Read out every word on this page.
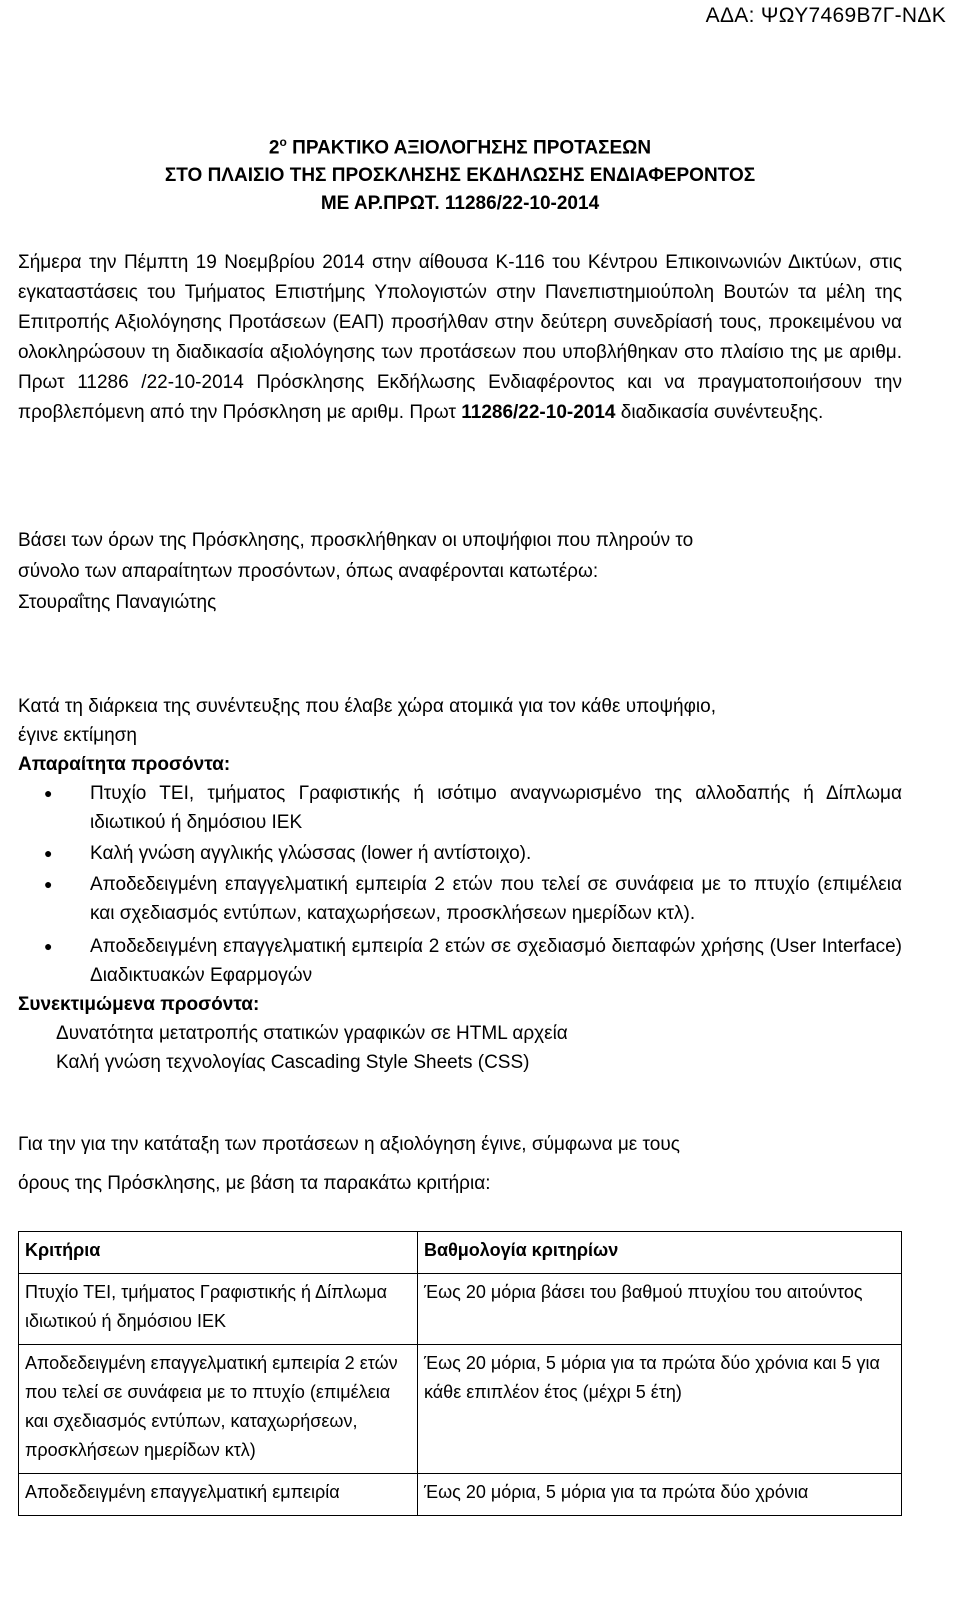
ΑΔΑ: ΨΩΥ7469Β7Γ-ΝΔΚ
$2^o$ ΠΡΑΚΤΙΚΟ ΑΞΙΟΛΟΓΗΣΗΣ ΠΡΟΤΑΣΕΩΝ
ΣΤΟ ΠΛΑΙΣΙΟ ΤΗΣ ΠΡΟΣΚΛΗΣΗΣ ΕΚΔΗΛΩΣΗΣ ΕΝΔΙΑΦΕΡΟΝΤΟΣ
ΜΕ ΑΡ.ΠΡΩΤ. 11286/22-10-2014
Σήμερα την Πέμπτη 19 Νοεμβρίου 2014 στην αίθουσα Κ-116 του Κέντρου Επικοινωνιών Δικτύων, στις εγκαταστάσεις του Τμήματος Επιστήμης Υπολογιστών στην Πανεπιστημιούπολη Βουτών τα μέλη της Επιτροπής Αξιολόγησης Προτάσεων (ΕΑΠ) προσήλθαν στην δεύτερη συνεδρίασή τους, προκειμένου να ολοκληρώσουν τη διαδικασία αξιολόγησης των προτάσεων που υποβλήθηκαν στο πλαίσιο της με αριθμ. Πρωτ 11286 /22-10-2014 Πρόσκλησης Εκδήλωσης Ενδιαφέροντος και να πραγματοποιήσουν την προβλεπόμενη από την Πρόσκληση με αριθμ. Πρωτ 11286/22-10-2014 διαδικασία συνέντευξης.
Βάσει των όρων της Πρόσκλησης, προσκλήθηκαν οι υποψήφιοι που πληρούν το
σύνολο των απαραίτητων προσόντων, όπως αναφέρονται κατωτέρω:
Στουραΐτης Παναγιώτης
Κατά τη διάρκεια της συνέντευξης που έλαβε χώρα ατομικά για τον κάθε υποψήφιο,
έγινε εκτίμηση
Απαραίτητα προσόντα:
● Πτυχίο ΤΕΙ, τμήματος Γραφιστικής ή ισότιμο αναγνωρισμένο της αλλοδαπής ή Δίπλωμα ιδιωτικού ή δημόσιου ΙΕΚ
● Καλή γνώση αγγλικής γλώσσας (lower ή αντίστοιχο).
● Αποδεδειγμένη επαγγελματική εμπειρία 2 ετών που τελεί σε συνάφεια με το πτυχίο (επιμέλεια και σχεδιασμός εντύπων, καταχωρήσεων, προσκλήσεων ημερίδων κτλ).
● Αποδεδειγμένη επαγγελματική εμπειρία 2 ετών σε σχεδιασμό διεπαφών χρήσης (User Interface) Διαδικτυακών Εφαρμογών
Συνεκτιμώμενα προσόντα:
Δυνατότητα μετατροπής στατικών γραφικών σε HTML αρχεία
Καλή γνώση τεχνολογίας Cascading Style Sheets (CSS)
Για την για την κατάταξη των προτάσεων η αξιολόγηση έγινε, σύμφωνα με τους
όρους της Πρόσκλησης, με βάση τα παρακάτω κριτήρια:
Κριτήρια	Βαθμολογία κριτηρίων
Πτυχίο ΤΕΙ, τμήματος Γραφιστικής ή Δίπλωμα ιδιωτικού ή δημόσιου ΙΕΚ	Έως 20 μόρια βάσει του βαθμού πτυχίου του αιτούντος
Αποδεδειγμένη επαγγελματική εμπειρία 2 ετών που τελεί σε συνάφεια με το πτυχίο (επιμέλεια και σχεδιασμός εντύπων, καταχωρήσεων, προσκλήσεων ημερίδων κτλ)	Έως 20 μόρια, 5 μόρια για τα πρώτα δύο χρόνια και 5 για κάθε επιπλέον έτος (μέχρι 5 έτη)
Αποδεδειγμένη επαγγελματική εμπειρία	Έως 20 μόρια, 5 μόρια για τα πρώτα δύο χρόνια
